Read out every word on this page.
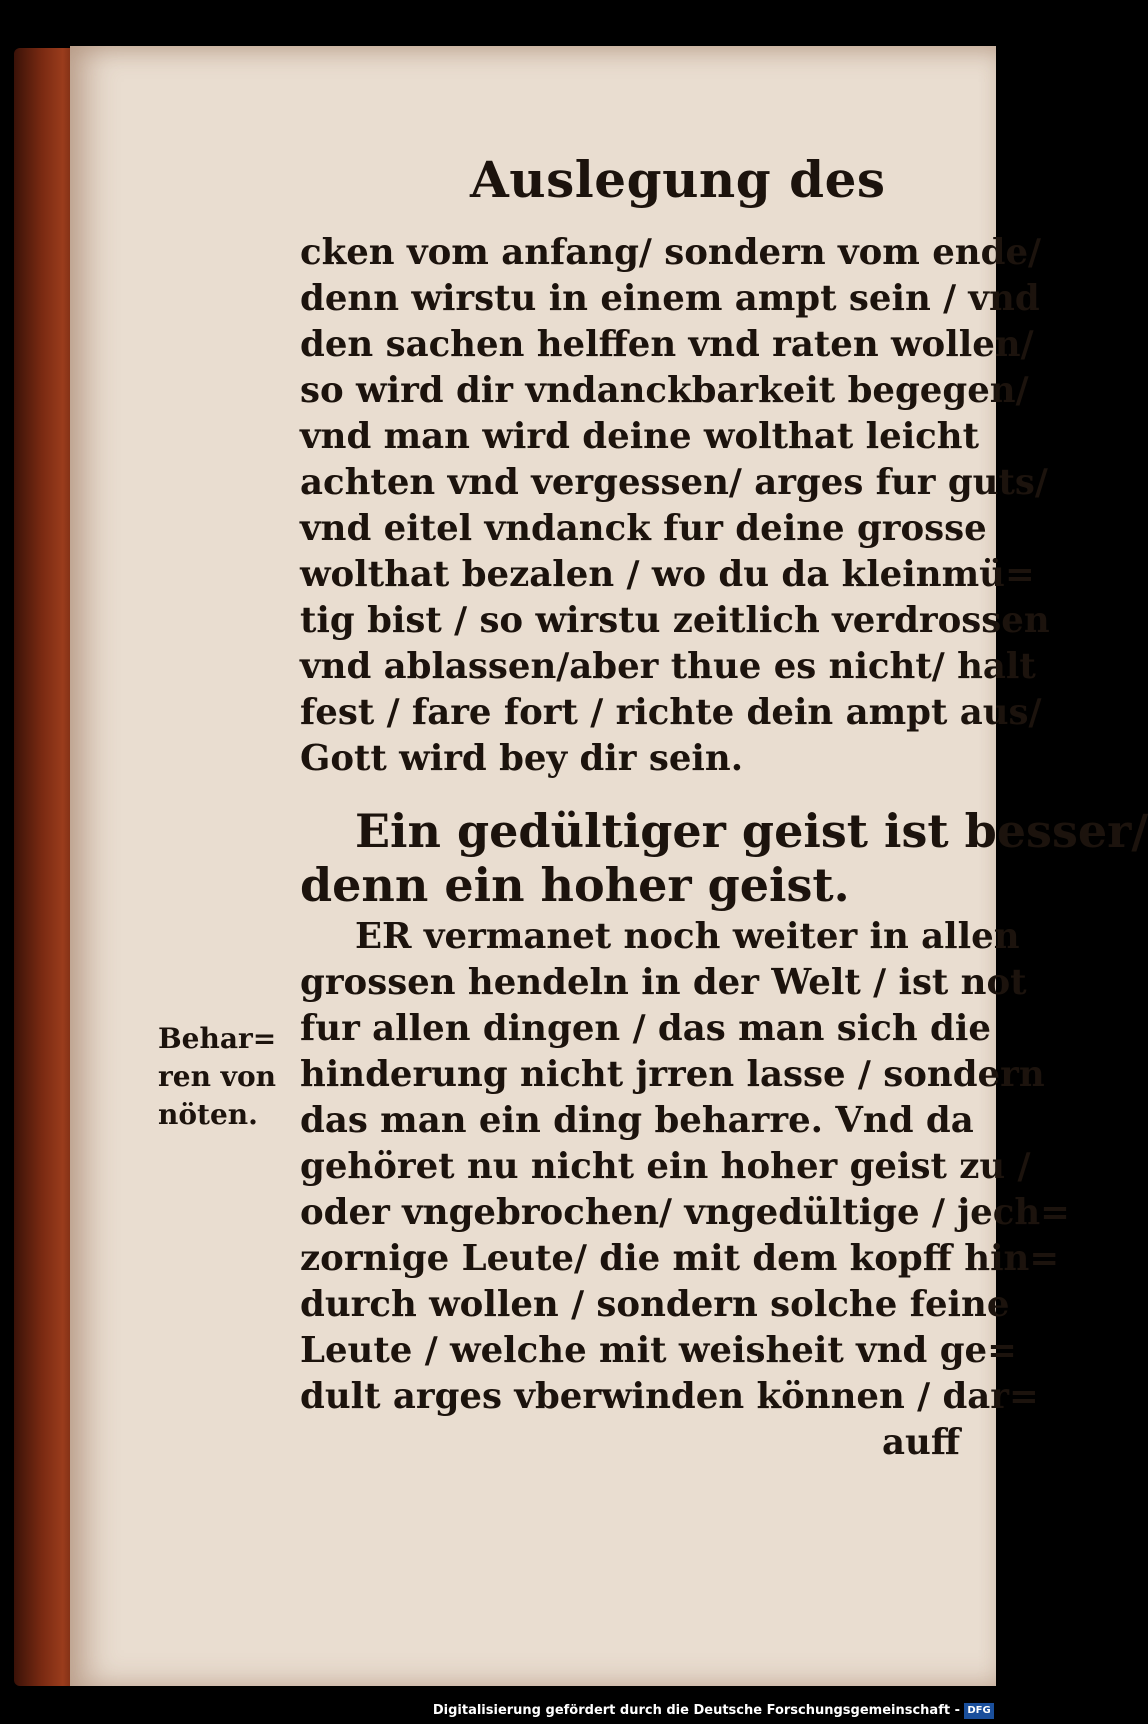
Auslegung des
cken vom anfang/ sondern vom ende/
denn wirstu in einem ampt sein / vnd
den sachen helffen vnd raten wollen/
so wird dir vndanckbarkeit begegen/
vnd man wird deine wolthat leicht
achten vnd vergessen/ arges fur guts/
vnd eitel vndanck fur deine grosse
wolthat bezalen / wo du da kleinmü=
tig bist / so wirstu zeitlich verdrossen
vnd ablassen/aber thue es nicht/ halt
fest / fare fort / richte dein ampt aus/
Gott wird bey dir sein.
Ein gedültiger geist ist besser/
denn ein hoher geist.
ER vermanet noch weiter in allen
grossen hendeln in der Welt / ist not
fur allen dingen / das man sich die
hinderung nicht jrren lasse / sondern
das man ein ding beharre. Vnd da
gehöret nu nicht ein hoher geist zu /
oder vngebrochen/ vngedültige / jech=
zornige Leute/ die mit dem kopff hin=
durch wollen / sondern solche feine
Leute / welche mit weisheit vnd ge=
dult arges vberwinden können / dar=
auff
Behar=
ren von
nöten.
Digitalisierung gefördert durch die Deutsche Forschungsgemeinschaft - DFG
